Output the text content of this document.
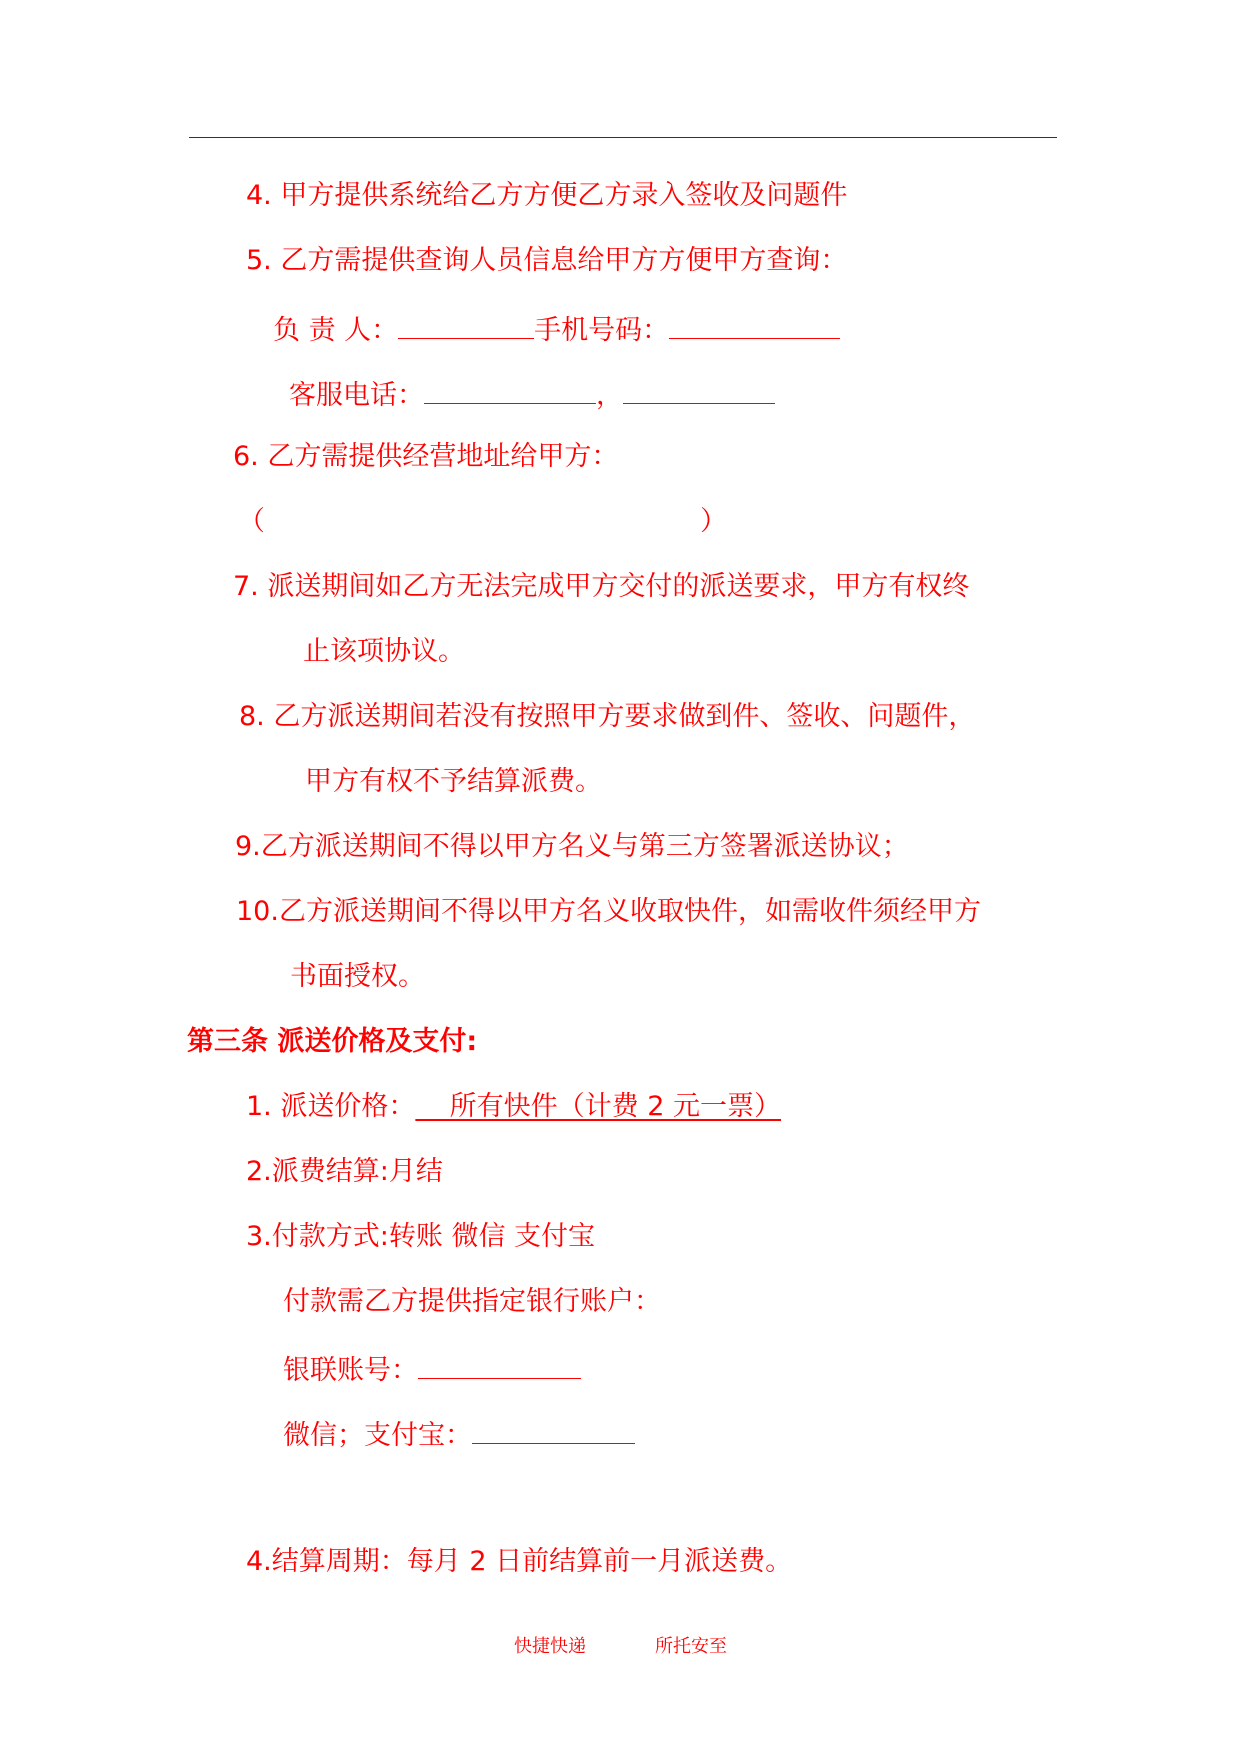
4. 甲方提供系统给乙方方便乙方录入签收及问题件
5. 乙方需提供查询人员信息给甲方方便甲方查询：
负 责 人：	手机号码：
客服电话：	，
6. 乙方需提供经营地址给甲方：
（	）
7. 派送期间如乙方无法完成甲方交付的派送要求，甲方有权终
止该项协议。
8. 乙方派送期间若没有按照甲方要求做到件、签收、问题件，
甲方有权不予结算派费。
9.乙方派送期间不得以甲方名义与第三方签署派送协议；
10.乙方派送期间不得以甲方名义收取快件，如需收件须经甲方
书面授权。
第三条 派送价格及支付:
1. 派送价格：    所有快件（计费 2 元一票）
2.派费结算:月结
3.付款方式:转账 微信 支付宝
付款需乙方提供指定银行账户：
银联账号：
微信；支付宝：
4.结算周期：每月 2 日前结算前一月派送费。
快捷快递	所托安至
